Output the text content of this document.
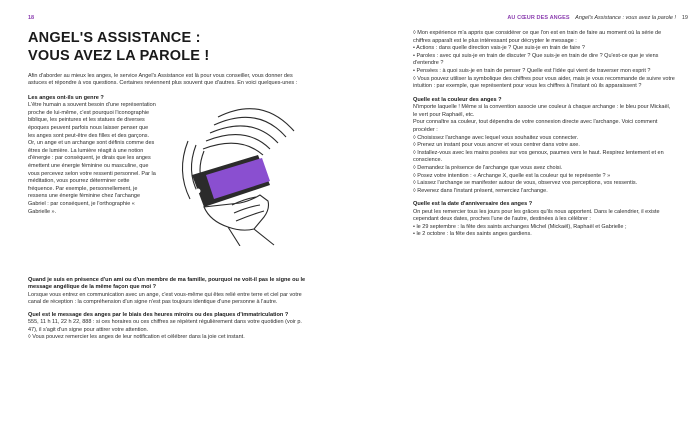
18	AU CŒUR DES ANGES Angel's Assistance : vous avez la parole ! 19
ANGEL'S ASSISTANCE :
VOUS AVEZ LA PAROLE !

Afin d'aborder au mieux les anges, le service Angel's Assistance est là pour vous conseiller, vous donner des astuces et répondre à vos questions. Certaines reviennent plus souvent que d'autres. En voici quelques-unes :

Les anges ont-ils un genre ?

L'être humain a souvent besoin d'une représentation proche de lui-même, c'est pourquoi l'iconographie biblique, les peintures et les statues de diverses époques peuvent parfois nous laisser penser que les anges sont peut-être des filles et des garçons. Or, un ange et un archange sont définis comme des êtres de lumière. La lumière réagit à une notion d'énergie : par conséquent, je dirais que les anges émettent une énergie féminine ou masculine, que vous percevez selon votre ressenti personnel. Par la méditation, vous pourrez déterminer cette fréquence. Par exemple, personnellement, je ressens une énergie féminine chez l'archange Gabriel : par conséquent, je l'orthographie « Gabrielle ».

Quand je suis en présence d'un ami ou d'un membre de ma famille, pourquoi ne voit-il pas le signe ou le message angélique de la même façon que moi ?

Lorsque vous entrez en communication avec un ange, c'est vous-même qui êtes relié entre terre et ciel par votre canal de réception : la compréhension d'un signe n'est pas toujours identique d'une personne à l'autre.

Quel est le message des anges par le biais des heures miroirs ou des plaques d'immatriculation ?

555, 11 h 11, 22 h 22, 888 : si ces horaires ou ces chiffres se répètent régulièrement dans votre quotidien (voir p. 47), il s'agit d'un signe pour attirer votre attention.

◊ Vous pouvez remercier les anges de leur notification et célébrer dans la joie cet instant.

◊ Mon expérience m'a appris que considérer ce que l'on est en train de faire au moment où la série de chiffres apparaît est le plus intéressant pour décrypter le message :

• Actions : dans quelle direction vais-je ? Que suis-je en train de faire ?

• Paroles : avec qui suis-je en train de discuter ? Que suis-je en train de dire ? Qu'est-ce que je viens d'entendre ?

• Pensées : à quoi suis-je en train de penser ? Quelle est l'idée qui vient de traverser mon esprit ?

◊ Vous pouvez utiliser la symbolique des chiffres pour vous aider, mais je vous recommande de suivre votre intuition : par exemple, que représentent pour vous les chiffres à l'instant où ils apparaissent ?

Quelle est la couleur des anges ?

N'importe laquelle ! Même si la convention associe une couleur à chaque archange : le bleu pour Mickaël, le vert pour Raphaël, etc.

Pour connaître sa couleur, tout dépendra de votre connexion directe avec l'archange. Voici comment procéder :

◊ Choisissez l'archange avec lequel vous souhaitez vous connecter.

◊ Prenez un instant pour vous ancrer et vous centrer dans votre axe.

◊ Installez-vous avec les mains posées sur vos genoux, paumes vers le haut. Respirez lentement et en conscience.

◊ Demandez la présence de l'archange que vous avez choisi.

◊ Posez votre intention : « Archange X, quelle est la couleur qui te représente ? »

◊ Laissez l'archange se manifester autour de vous, observez vos perceptions, vos ressentis.

◊ Revenez dans l'instant présent, remerciez l'archange.

Quelle est la date d'anniversaire des anges ?

On peut les remercier tous les jours pour les grâces qu'ils nous apportent. Dans le calendrier, il existe cependant deux dates, proches l'une de l'autre, destinées à les célébrer :

• le 29 septembre : la fête des saints archanges Michel (Mickaël), Raphaël et Gabrielle ;

• le 2 octobre : la fête des saints anges gardiens.
